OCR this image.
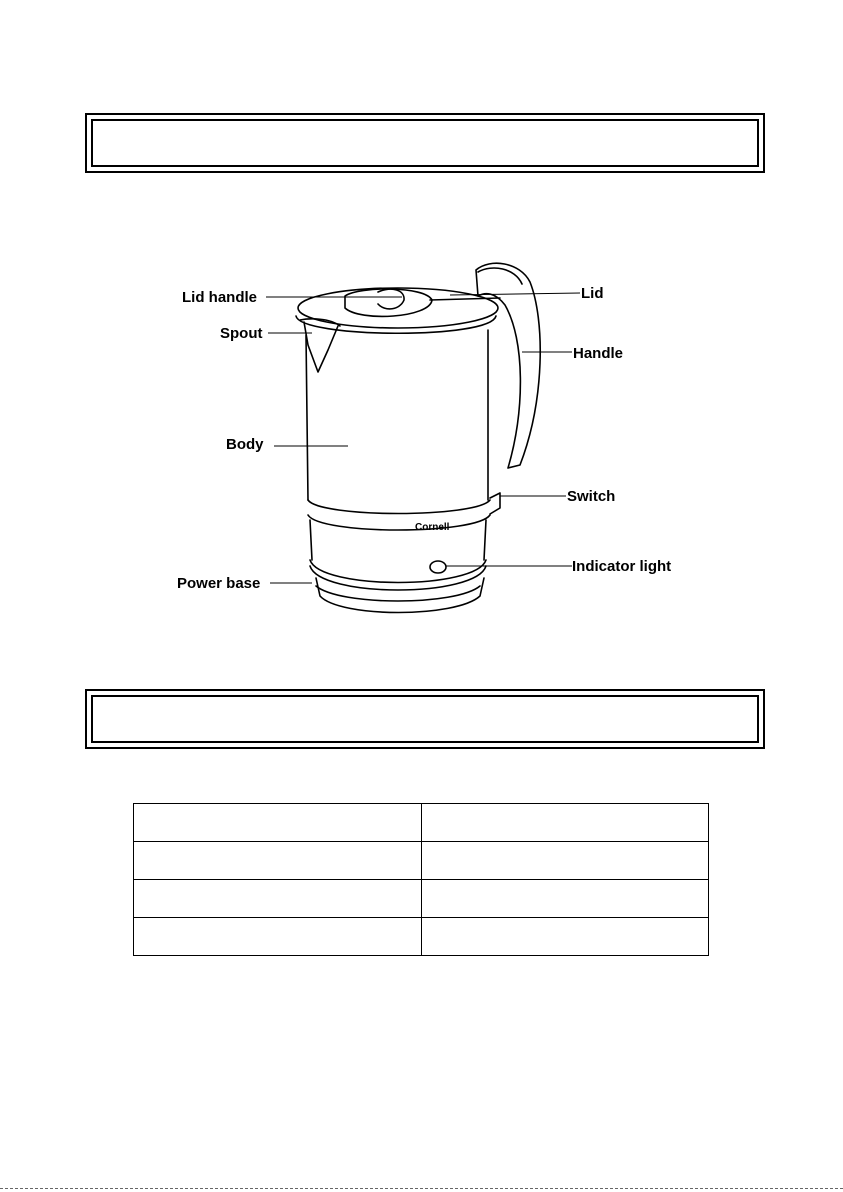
Cornell
Lid handle	Lid
Spout
Handle
Body
Switch
Indicator light
Power base
